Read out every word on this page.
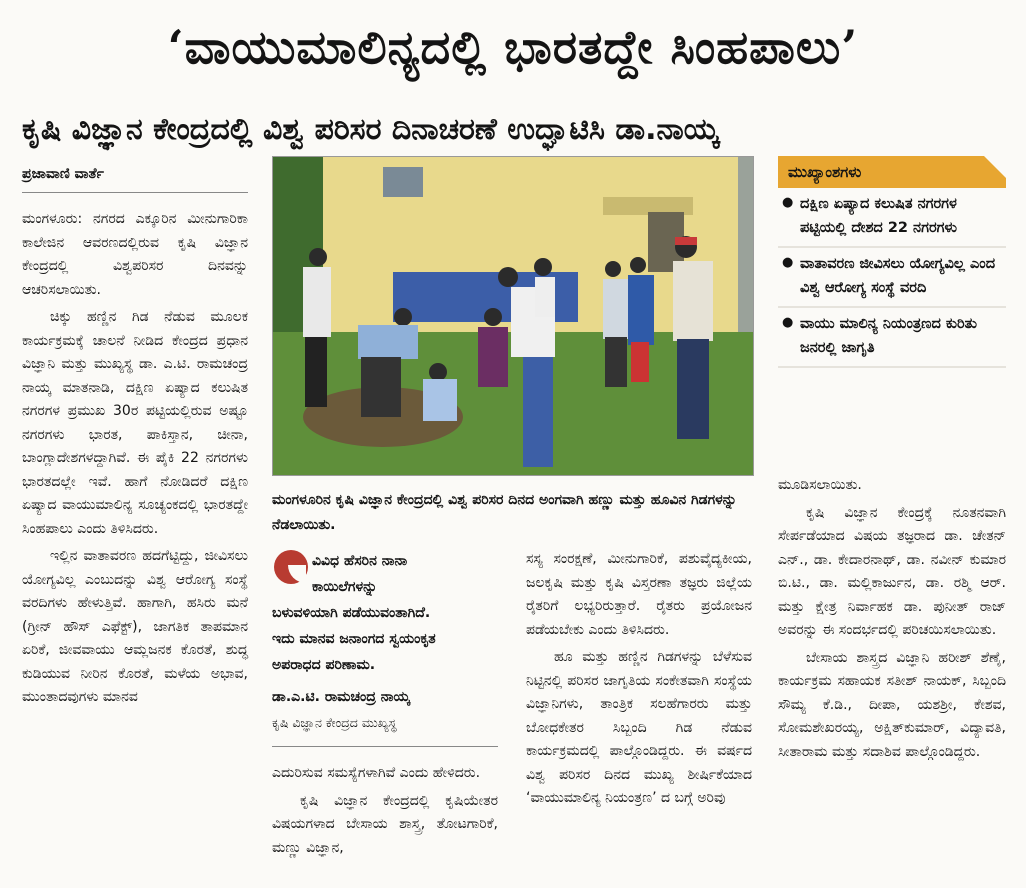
‘ವಾಯುಮಾಲಿನ್ಯದಲ್ಲಿ ಭಾರತದ್ದೇ ಸಿಂಹಪಾಲು’
ಕೃಷಿ ವಿಜ್ಞಾನ ಕೇಂದ್ರದಲ್ಲಿ ವಿಶ್ವ ಪರಿಸರ ದಿನಾಚರಣೆ ಉದ್ಘಾಟಿಸಿ ಡಾ.ನಾಯ್ಕ
ಪ್ರಜಾವಾಣಿ ವಾರ್ತೆ

ಮಂಗಳೂರು: ನಗರದ ಎಕ್ಕೂರಿನ ಮೀನುಗಾರಿಕಾ ಕಾಲೇಜಿನ ಆವರಣದಲ್ಲಿರುವ ಕೃಷಿ ವಿಜ್ಞಾನ ಕೇಂದ್ರದಲ್ಲಿ ವಿಶ್ವಪರಿಸರ ದಿನವನ್ನು ಆಚರಿಸಲಾಯಿತು.

ಚಿಕ್ಕು ಹಣ್ಣಿನ ಗಿಡ ನೆಡುವ ಮೂಲಕ ಕಾರ್ಯಕ್ರಮಕ್ಕೆ ಚಾಲನೆ ನೀಡಿದ ಕೇಂದ್ರದ ಪ್ರಧಾನ ವಿಜ್ಞಾನಿ ಮತ್ತು ಮುಖ್ಯಸ್ಥ ಡಾ. ಎ.ಟಿ. ರಾಮಚಂದ್ರ ನಾಯ್ಕ ಮಾತನಾಡಿ, ದಕ್ಷಿಣ ಏಷ್ಯಾದ ಕಲುಷಿತ ನಗರಗಳ ಪ್ರಮುಖ 30ರ ಪಟ್ಟಿಯಲ್ಲಿರುವ ಅಷ್ಟೂ ನಗರಗಳು ಭಾರತ, ಪಾಕಿಸ್ತಾನ, ಚೀನಾ, ಬಾಂಗ್ಲಾದೇಶಗಳದ್ದಾಗಿವೆ. ಈ ಪೈಕಿ 22 ನಗರಗಳು ಭಾರತದಲ್ಲೇ ಇವೆ. ಹಾಗೆ ನೋಡಿದರೆ ದಕ್ಷಿಣ ಏಷ್ಯಾದ ವಾಯುಮಾಲಿನ್ಯ ಸೂಚ್ಯಂಕದಲ್ಲಿ ಭಾರತದ್ದೇ ಸಿಂಹಪಾಲು ಎಂದು ತಿಳಿಸಿದರು.

ಇಲ್ಲಿನ ವಾತಾವರಣ ಹದಗೆಟ್ಟಿದ್ದು, ಜೀವಿಸಲು ಯೋಗ್ಯವಿಲ್ಲ ಎಂಬುದನ್ನು ವಿಶ್ವ ಆರೋಗ್ಯ ಸಂಸ್ಥೆ ವರದಿಗಳು ಹೇಳುತ್ತಿವೆ. ಹಾಗಾಗಿ, ಹಸಿರು ಮನೆ (ಗ್ರೀನ್ ಹೌಸ್ ಎಫೆಕ್ಟ್), ಜಾಗತಿಕ ತಾಪಮಾನ ಏರಿಕೆ, ಜೀವವಾಯು ಆಮ್ಲಜನಕ ಕೊರತೆ, ಶುದ್ಧ ಕುಡಿಯುವ ನೀರಿನ ಕೊರತೆ, ಮಳೆಯ ಅಭಾವ, ಮುಂತಾದವುಗಳು ಮಾನವ

ಮಂಗಳೂರಿನ ಕೃಷಿ ವಿಜ್ಞಾನ ಕೇಂದ್ರದಲ್ಲಿ ವಿಶ್ವ ಪರಿಸರ ದಿನದ ಅಂಗವಾಗಿ ಹಣ್ಣು ಮತ್ತು ಹೂವಿನ ಗಿಡಗಳನ್ನು ನೆಡಲಾಯಿತು.
ಮುಖ್ಯಾಂಶಗಳು
● ದಕ್ಷಿಣ ಏಷ್ಯಾದ ಕಲುಷಿತ ನಗರಗಳ ಪಟ್ಟಿಯಲ್ಲಿ ದೇಶದ 22 ನಗರಗಳು
● ವಾತಾವರಣ ಜೀವಿಸಲು ಯೋಗ್ಯವಿಲ್ಲ ಎಂದ ವಿಶ್ವ ಆರೋಗ್ಯ ಸಂಸ್ಥೆ ವರದಿ
● ವಾಯು ಮಾಲಿನ್ಯ ನಿಯಂತ್ರಣದ ಕುರಿತು ಜನರಲ್ಲಿ ಜಾಗೃತಿ

ವಿವಿಧ ಹೆಸರಿನ ನಾನಾ

ಕಾಯಿಲೆಗಳನ್ನು

ಬಳುವಳಿಯಾಗಿ ಪಡೆಯುವಂತಾಗಿದೆ.

ಇದು ಮಾನವ ಜನಾಂಗದ ಸ್ವಯಂಕೃತ

ಅಪರಾಧದ ಪರಿಣಾಮ.

ಡಾ.ಎ.ಟಿ. ರಾಮಚಂದ್ರ ನಾಯ್ಕ
ಕೃಷಿ ವಿಜ್ಞಾನ ಕೇಂದ್ರದ ಮುಖ್ಯಸ್ಥ

ಎದುರಿಸುವ ಸಮಸ್ಯೆಗಳಾಗಿವೆ ಎಂದು ಹೇಳಿದರು.

ಕೃಷಿ ವಿಜ್ಞಾನ ಕೇಂದ್ರದಲ್ಲಿ ಕೃಷಿಯೇತರ ವಿಷಯಗಳಾದ ಬೇಸಾಯ ಶಾಸ್ತ್ರ, ತೋಟಗಾರಿಕೆ, ಮಣ್ಣು ವಿಜ್ಞಾನ,

ಸಸ್ಯ ಸಂರಕ್ಷಣೆ, ಮೀನುಗಾರಿಕೆ, ಪಶುವೈದ್ಯಕೀಯ, ಜಲಕೃಷಿ ಮತ್ತು ಕೃಷಿ ವಿಸ್ತರಣಾ ತಜ್ಞರು ಜಿಲ್ಲೆಯ ರೈತರಿಗೆ ಲಭ್ಯರಿರುತ್ತಾರೆ. ರೈತರು ಪ್ರಯೋಜನ ಪಡೆಯಬೇಕು ಎಂದು ತಿಳಿಸಿದರು.

ಹೂ ಮತ್ತು ಹಣ್ಣಿನ ಗಿಡಗಳನ್ನು ಬೆಳೆಸುವ ನಿಟ್ಟಿನಲ್ಲಿ ಪರಿಸರ ಜಾಗೃತಿಯ ಸಂಕೇತವಾಗಿ ಸಂಸ್ಥೆಯ ವಿಜ್ಞಾನಿಗಳು, ತಾಂತ್ರಿಕ ಸಲಹೆಗಾರರು ಮತ್ತು ಬೋಧಕೇತರ ಸಿಬ್ಬಂದಿ ಗಿಡ ನೆಡುವ ಕಾರ್ಯಕ್ರಮದಲ್ಲಿ ಪಾಲ್ಗೊಂಡಿದ್ದರು. ಈ ವರ್ಷದ ವಿಶ್ವ ಪರಿಸರ ದಿನದ ಮುಖ್ಯ ಶೀರ್ಷಿಕೆಯಾದ ‘ವಾಯುಮಾಲಿನ್ಯ ನಿಯಂತ್ರಣ’ ದ ಬಗ್ಗೆ ಅರಿವು

ಮೂಡಿಸಲಾಯಿತು.

ಕೃಷಿ ವಿಜ್ಞಾನ ಕೇಂದ್ರಕ್ಕೆ ನೂತನವಾಗಿ ಸೇರ್ಪಡೆಯಾದ ವಿಷಯ ತಜ್ಞರಾದ ಡಾ. ಚೇತನ್ ಎನ್., ಡಾ. ಕೇದಾರನಾಥ್, ಡಾ. ನವೀನ್ ಕುಮಾರ ಬಿ.ಟಿ., ಡಾ. ಮಲ್ಲಿಕಾರ್ಜುನ, ಡಾ. ರಶ್ಮಿ ಆರ್. ಮತ್ತು ಕ್ಷೇತ್ರ ನಿರ್ವಾಹಕ ಡಾ. ಪುನೀತ್ ರಾಜ್ ಅವರನ್ನು ಈ ಸಂದರ್ಭದಲ್ಲಿ ಪರಿಚಯಿಸಲಾಯಿತು.

ಬೇಸಾಯ ಶಾಸ್ತ್ರದ ವಿಜ್ಞಾನಿ ಹರೀಶ್ ಶೆಣೈ, ಕಾರ್ಯಕ್ರಮ ಸಹಾಯಕ ಸತೀಶ್ ನಾಯಕ್, ಸಿಬ್ಬಂದಿ ಸೌಮ್ಯ ಕೆ.ಡಿ., ದೀಪಾ, ಯಶಶ್ರೀ, ಕೇಶವ, ಸೋಮಶೇಖರಯ್ಯ, ಅಕ್ಷಿತ್‌ಕುಮಾರ್, ವಿದ್ಯಾವತಿ, ಸೀತಾರಾಮ ಮತ್ತು ಸದಾಶಿವ ಪಾಲ್ಗೊಂಡಿದ್ದರು.
